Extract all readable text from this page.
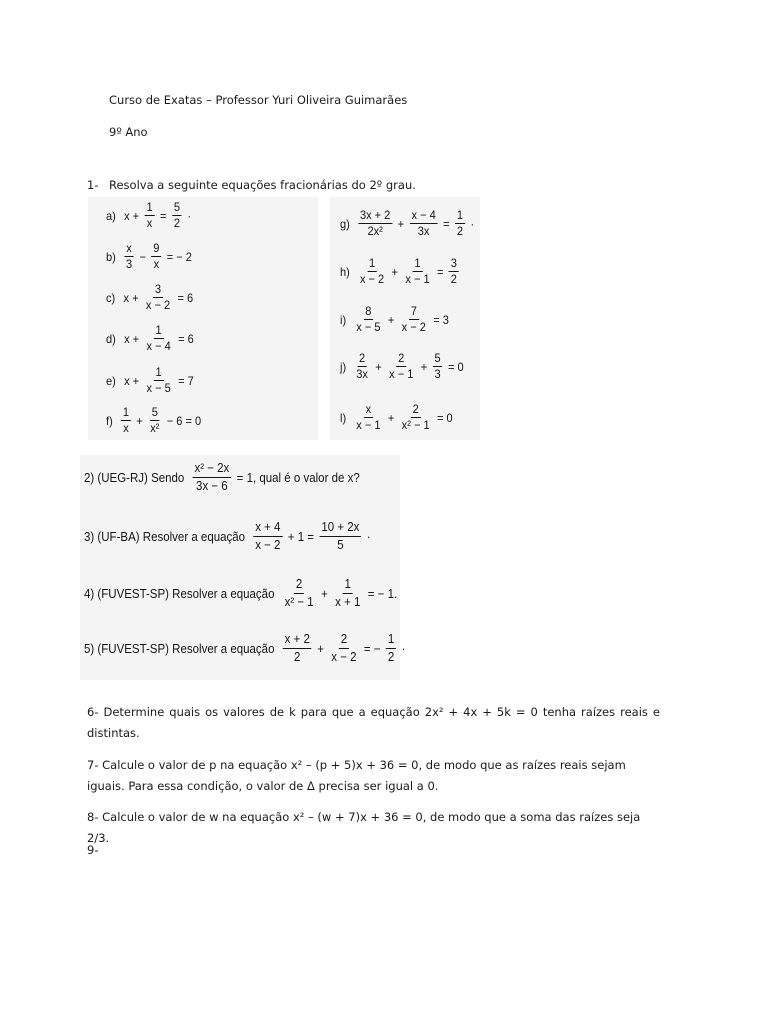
Curso de Exatas – Professor Yuri Oliveira Guimarães
9º Ano
1- Resolva a seguinte equações fracionárias do 2º grau.
6- Determine quais os valores de k para que a equação 2x² + 4x + 5k = 0 tenha raízes reais e distintas.
7- Calcule o valor de p na equação x² – (p + 5)x + 36 = 0, de modo que as raízes reais sejam iguais. Para essa condição, o valor de Δ precisa ser igual a 0.
8- Calcule o valor de w na equação x² – (w + 7)x + 36 = 0, de modo que a soma das raízes seja 2/3.
9-
a) $x + \frac{1}{x} = \frac{5}{2}$ ·
$b) \frac{x}{3} - \frac{9}{x}$ = − 2
c) $x + \frac{3}{x - 2} = 6$
d) $x + \frac{1}{x - 4} = 6$
e) $x + \frac{1}{x - 5} = 7$
$f) \frac{1}{x} + \frac{5}{\text{x²}} - 6 = 0$
$g) \frac{3x + 2}{\text{2x²}} + \frac{x - 4}{3x} = \frac{1}{2}$ ·
$h) \frac{1}{x - 2} + \frac{1}{x - 1} = \frac{3}{2}$
$i) \frac{8}{x - 5} + \frac{7}{x - 2} = 3$
$j) \frac{2}{3x} + \frac{2}{x - 1} + \frac{5}{3} = 0$
$l) \frac{x}{x - 1} + \frac{2}{\text{x² − 1}} = 0$
2) (UEG-RJ) Sendo $\frac{\text{x² − 2x}}{3x - 6} = 1$, qual é o valor de x?
3) (UF-BA) Resolver a equação $\frac{x + 4}{x - 2} + 1 = \frac{10 + 2x}{5}$ ·
4) (FUVEST-SP) Resolver a equação $\frac{2}{\text{x² − 1}} + \frac{1}{x + 1}$ = − 1.
5) (FUVEST-SP) Resolver a equação $\frac{x + 2}{2} + \frac{2}{x - 2}$ = − $\frac{1}{2}$ ·
